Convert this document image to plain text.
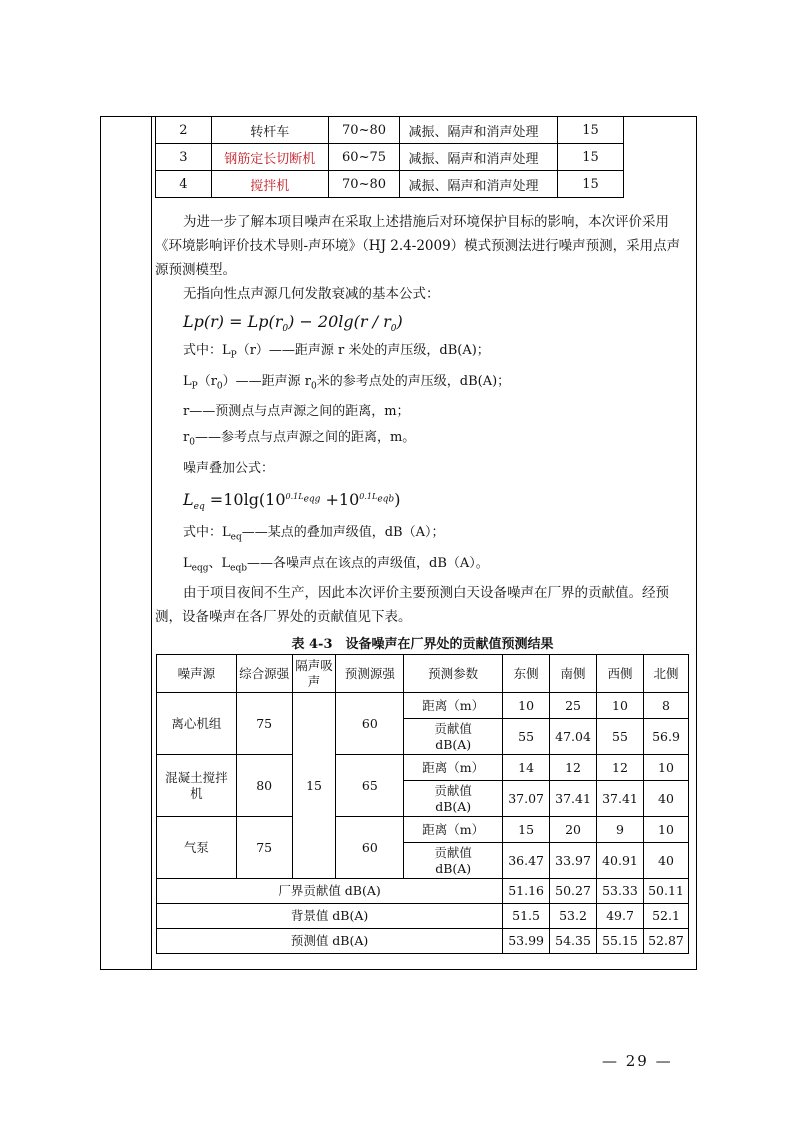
2	转杆车	70~80	减振、隔声和消声处理	15
3	钢筋定长切断机	60~75	减振、隔声和消声处理	15
4	搅拌机	70~80	减振、隔声和消声处理	15

为进一步了解本项目噪声在采取上述措施后对环境保护目标的影响，本次评价采用《环境影响评价技术导则-声环境》（HJ 2.4-2009）模式预测法进行噪声预测，采用点声源预测模型。

无指向性点声源几何发散衰减的基本公式：

$Lp(r) = Lp(r_0) - 20\lg(r / r_0)$

式中：$L_P(r)——$距声源 r 米处的声压级，dB(A)；

$L_P(r_0)——$距声源 $r_0$米的参考点处的声压级，dB(A)；

r——预测点与点声源之间的距离，m；

$r_0——$参考点与点声源之间的距离，m。

噪声叠加公式：

$L_{eq} =10\lg(10^{0.1L_{eqg}} +10^{0.1L_{eqb}})$

式中：$L_{eq}——$某点的叠加声级值，dB（A）；

$L_{eqg}$、$L_{eqb}——$各噪声点在该点的声级值，dB（A）。

由于项目夜间不生产，因此本次评价主要预测白天设备噪声在厂界的贡献值。经预测，设备噪声在各厂界处的贡献值见下表。

表 4-3　设备噪声在厂界处的贡献值预测结果

噪声源	综合源强	隔声吸声	预测源强	预测参数	东侧	南侧	西侧	北侧
离心机组	75	15	60	距离（m）	10	25	10	8
				贡献值 dB(A)	55	47.04	55	56.9
混凝土搅拌机	80		65	距离（m）	14	12	12	10
				贡献值 dB(A)	37.07	37.41	37.41	40
气泵	75		60	距离（m）	15	20	9	10
				贡献值 dB(A)	36.47	33.97	40.91	40
厂界贡献值 dB(A)					51.16	50.27	53.33	50.11
背景值 dB(A)					51.5	53.2	49.7	52.1
预测值 dB(A)					53.99	54.35	55.15	52.87
— 29 —
